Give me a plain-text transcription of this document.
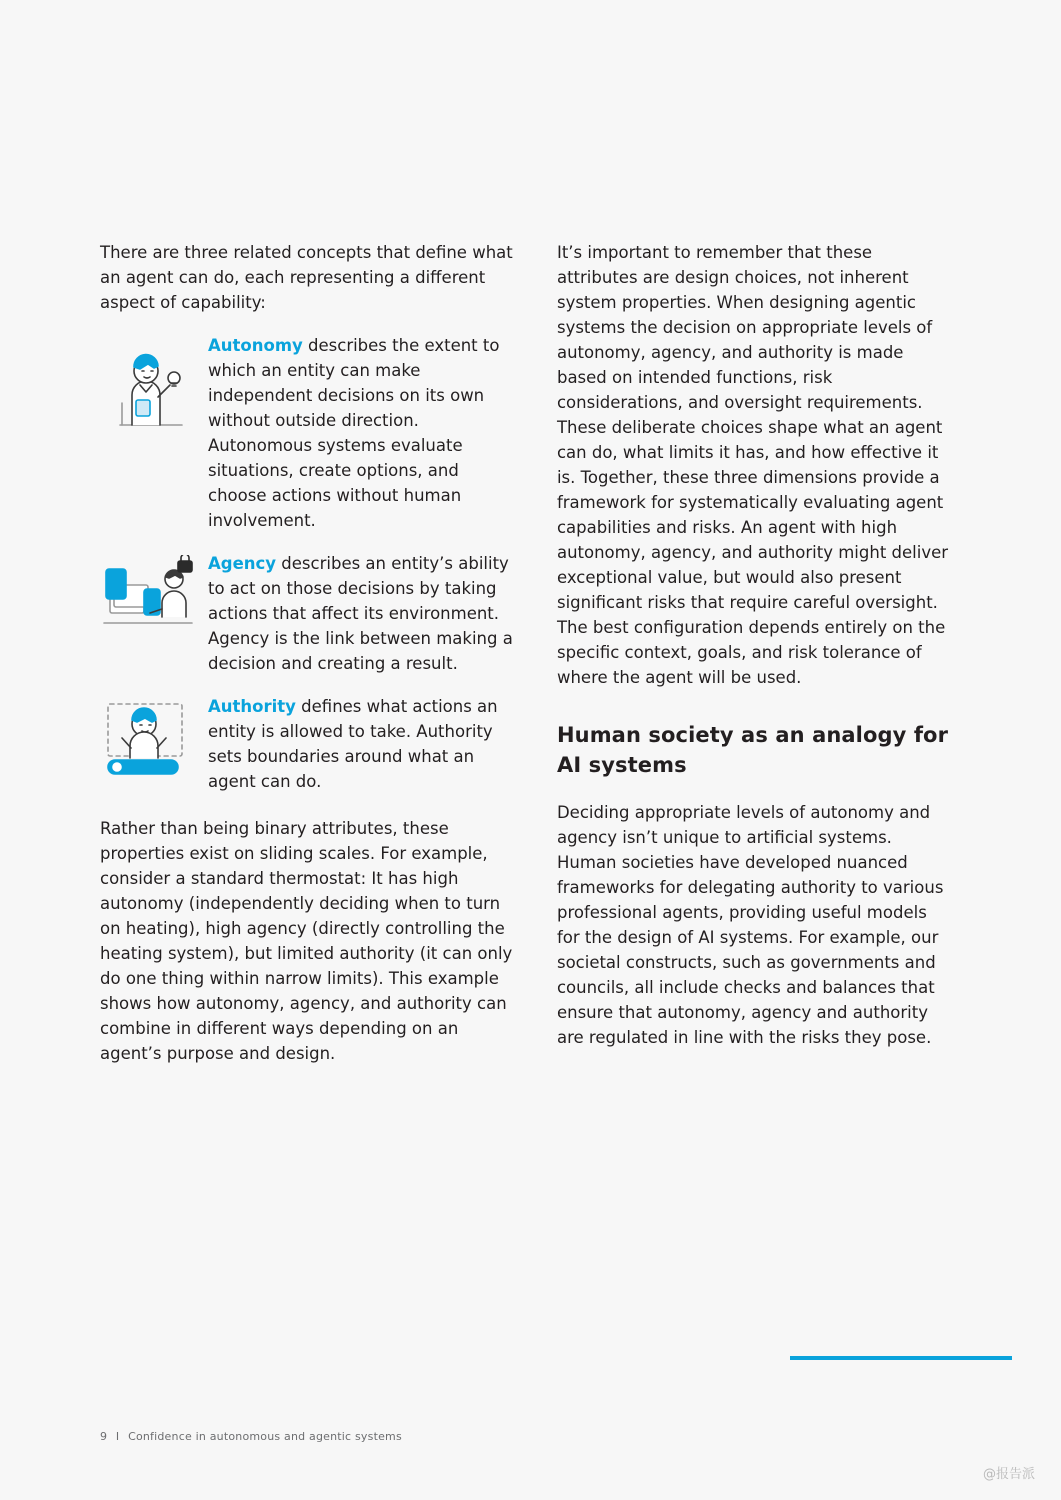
There are three related concepts that define what an agent can do, each representing a different aspect of capability:

Autonomy describes the extent to which an entity can make independent decisions on its own without outside direction. Autonomous systems evaluate situations, create options, and choose actions without human involvement.
Agency describes an entity’s ability to act on those decisions by taking actions that affect its environment. Agency is the link between making a decision and creating a result.
Authority defines what actions an entity is allowed to take. Authority sets boundaries around what an agent can do.

Rather than being binary attributes, these properties exist on sliding scales. For example, consider a standard thermostat: It has high autonomy (independently deciding when to turn on heating), high agency (directly controlling the heating system), but limited authority (it can only do one thing within narrow limits). This example shows how autonomy, agency, and authority can combine in different ways depending on an agent’s purpose and design.

It’s important to remember that these attributes are design choices, not inherent system properties. When designing agentic systems the decision on appropriate levels of autonomy, agency, and authority is made based on intended functions, risk considerations, and oversight requirements. These deliberate choices shape what an agent can do, what limits it has, and how effective it is. Together, these three dimensions provide a framework for systematically evaluating agent capabilities and risks. An agent with high autonomy, agency, and authority might deliver exceptional value, but would also present significant risks that require careful oversight. The best configuration depends entirely on the specific context, goals, and risk tolerance of where the agent will be used.

Human society as an analogy for AI systems

Deciding appropriate levels of autonomy and agency isn’t unique to artificial systems. Human societies have developed nuanced frameworks for delegating authority to various professional agents, providing useful models for the design of AI systems. For example, our societal constructs, such as governments and councils, all include checks and balances that ensure that autonomy, agency and authority are regulated in line with the risks they pose.

9 I Confidence in autonomous and agentic systems
@报告派
